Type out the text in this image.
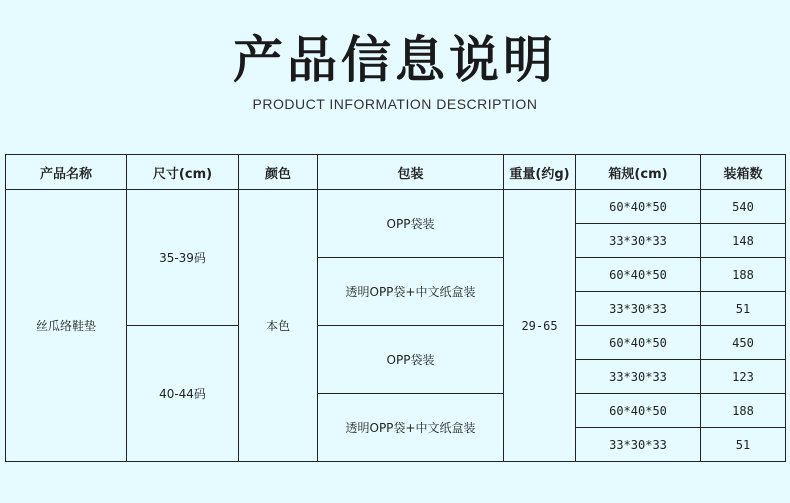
产品信息说明
PRODUCT INFORMATION DESCRIPTION
产品名称	尺寸(cm)	颜色	包装	重量(约g)	箱规(cm)	装箱数
丝瓜络鞋垫	35-39码	本色	OPP袋装	29-65	60*40*50	540
					33*30*33	148
			透明OPP袋+中文纸盒装		60*40*50	188
					33*30*33	51
	40-44码		OPP袋装		60*40*50	450
					33*30*33	123
			透明OPP袋+中文纸盒装		60*40*50	188
					33*30*33	51
